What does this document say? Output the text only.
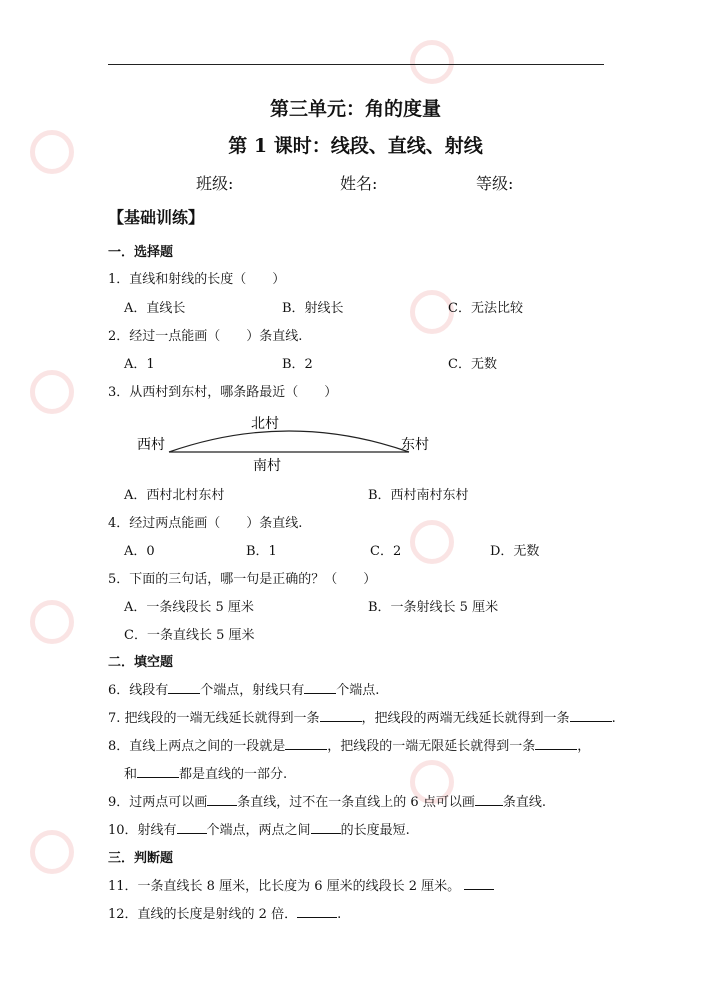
第三单元：角的度量
第 1 课时：线段、直线、射线
班级:	姓名:	等级:
【基础训练】
一．选择题
1．直线和射线的长度（　　）
A．直线长	B．射线长	C．无法比较
2．经过一点能画（　　）条直线.
A．1	B．2	C．无数
3．从西村到东村，哪条路最近（　　）
北村
西村	东村
南村
A．西村北村东村	B．西村南村东村
4．经过两点能画（　　）条直线.
A．0	B．1	C．2	D．无数
5．下面的三句话，哪一句是正确的？（　　）
A．一条线段长 5 厘米	B．一条射线长 5 厘米
C．一条直线长 5 厘米
二．填空题
6．线段有 个端点，射线只有 个端点.
7. 把线段的一端无线延长就得到一条	，把线段的两端无线延长就得到一条	.
8．直线上两点之间的一段就是	，把线段的一端无限延长就得到一条	，
和	都是直线的一部分.
9．过两点可以画 条直线，过不在一条直线上的 6 点可以画 条直线.
10．射线有 个端点，两点之间 的长度最短.
三．判断题
11．一条直线长 8 厘米，比长度为 6 厘米的线段长 2 厘米。
12．直线的长度是射线的 2 倍．	.
